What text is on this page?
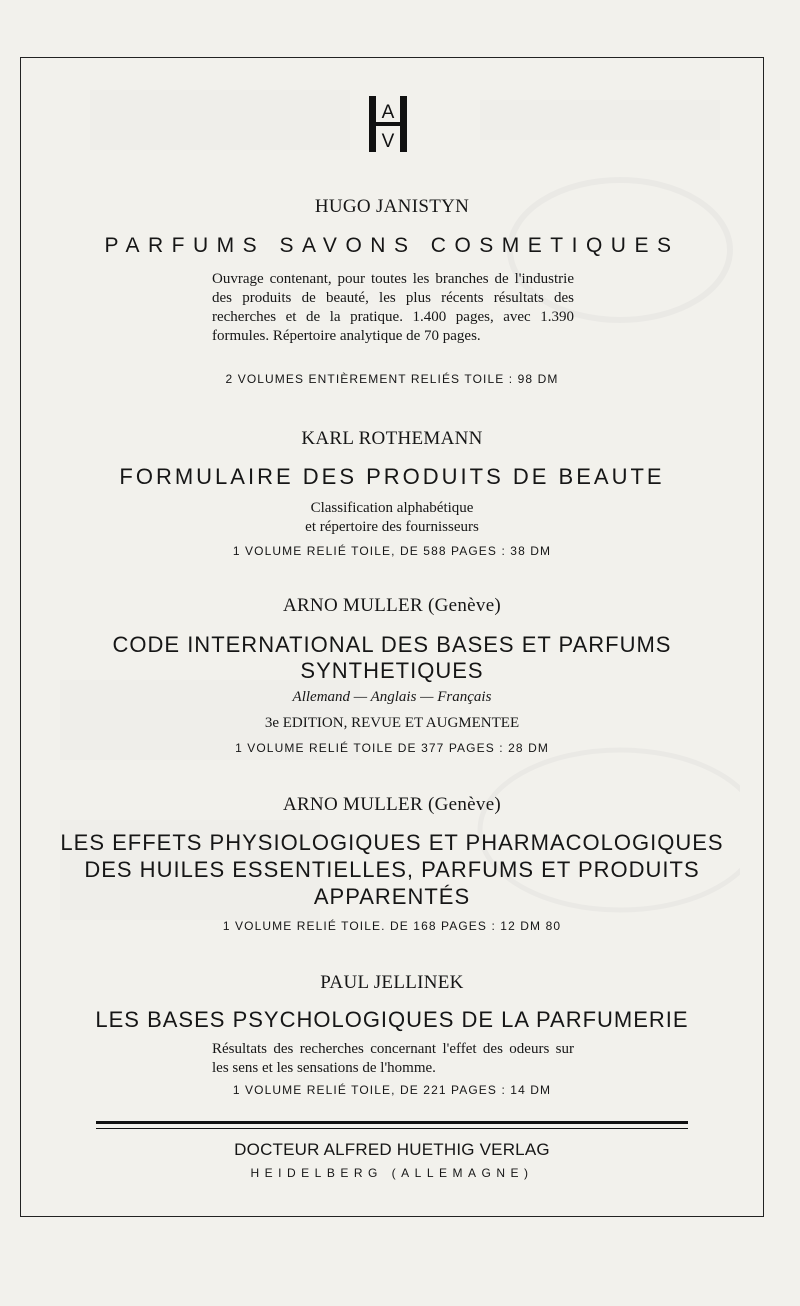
A
V
HUGO JANISTYN
PARFUMS SAVONS COSMETIQUES
Ouvrage contenant, pour toutes les branches de l'industrie des produits de beauté, les plus récents résultats des recherches et de la pratique. 1.400 pages, avec 1.390 formules. Répertoire analytique de 70 pages.
2 VOLUMES ENTIÈREMENT RELIÉS TOILE : 98 DM
KARL ROTHEMANN
FORMULAIRE DES PRODUITS DE BEAUTE
Classification alphabétique
et répertoire des fournisseurs
1 VOLUME RELIÉ TOILE, DE 588 PAGES : 38 DM
ARNO MULLER (Genève)
CODE INTERNATIONAL DES BASES ET PARFUMS
SYNTHETIQUES
Allemand — Anglais — Français
3e EDITION, REVUE ET AUGMENTEE
1 VOLUME RELIÉ TOILE DE 377 PAGES : 28 DM
ARNO MULLER (Genève)
LES EFFETS PHYSIOLOGIQUES ET PHARMACOLOGIQUES
DES HUILES ESSENTIELLES, PARFUMS ET PRODUITS
APPARENTÉS
1 VOLUME RELIÉ TOILE. DE 168 PAGES : 12 DM 80
PAUL JELLINEK
LES BASES PSYCHOLOGIQUES DE LA PARFUMERIE
Résultats des recherches concernant l'effet des odeurs sur les sens et les sensations de l'homme.
1 VOLUME RELIÉ TOILE, DE 221 PAGES : 14 DM
DOCTEUR ALFRED HUETHIG VERLAG
HEIDELBERG (ALLEMAGNE)
